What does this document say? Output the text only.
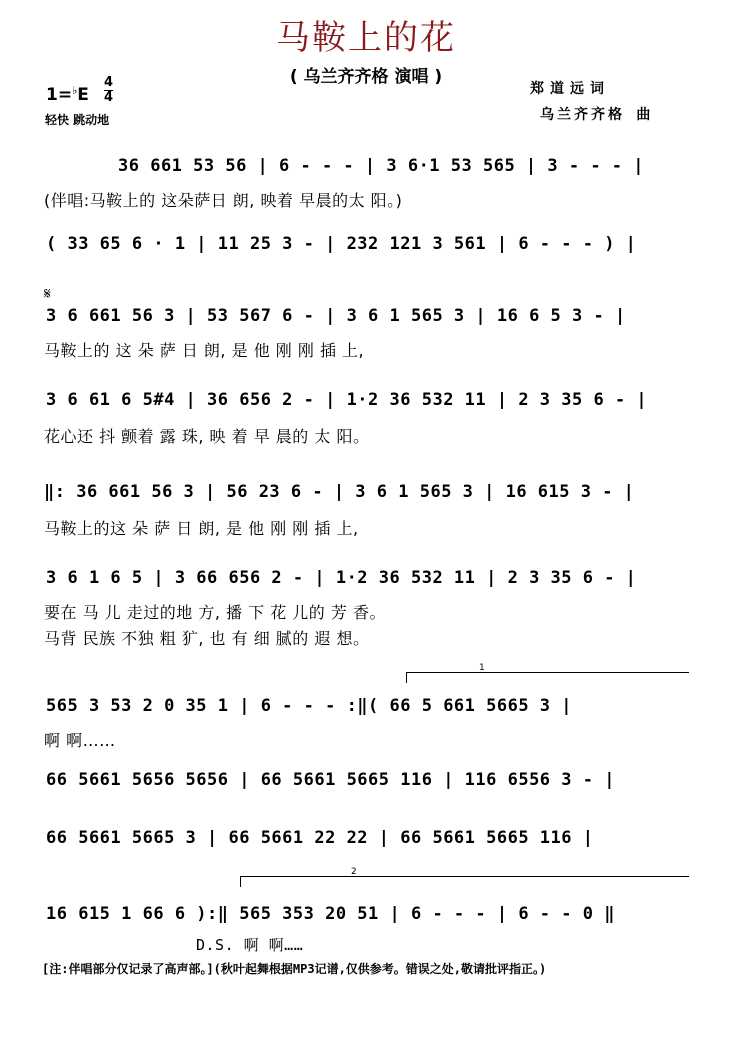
马鞍上的花
( 乌兰齐齐格 演唱 )
1=♭E
4
4
轻快 跳动地
郑道远词
乌兰齐齐格 曲
𝄋
1
2
36 661 53 56 | 6 - - - | 3 6·1 53 565 | 3 - - - |
(伴唱:马鞍上的 这朵萨日 朗, 映着 早晨的太 阳。)
( 33 65 6 · 1 | 11 25 3 - | 232 121 3 561 | 6 - - - ) |
3 6 661 56 3 | 53 567 6 - | 3 6 1 565 3 | 16 6 5 3 - |
马鞍上的 这 朵 萨 日 朗, 是 他 刚 刚 插 上,
3 6 61 6 5#4 | 36 656 2 - | 1·2 36 532 11 | 2 3 35 6 - |
花心还 抖 颤着 露 珠, 映 着 早 晨的 太 阳。
‖: 36 661 56 3 | 56 23 6 - | 3 6 1 565 3 | 16 615 3 - |
马鞍上的这 朵 萨 日 朗, 是 他 刚 刚 插 上,
3 6 1 6 5 | 3 66 656 2 - | 1·2 36 532 11 | 2 3 35 6 - |
要在 马 儿 走过的地 方, 播 下 花 儿的 芳 香。
马背 民族 不独 粗 犷, 也 有 细 腻的 遐 想。
565 3 53 2 0 35 1 | 6 - - - :‖( 66 5 661 5665 3 |
啊 啊……
66 5661 5656 5656 | 66 5661 5665 116 | 116 6556 3 - |
66 5661 5665 3 | 66 5661 22 22 | 66 5661 5665 116 |
16 615 1 66 6 ):‖ 565 353 20 51 | 6 - - - | 6 - - 0 ‖
D.S. 啊 啊……
[注:伴唱部分仅记录了高声部。](秋叶起舞根据MP3记谱,仅供参考。错误之处,敬请批评指正。)
